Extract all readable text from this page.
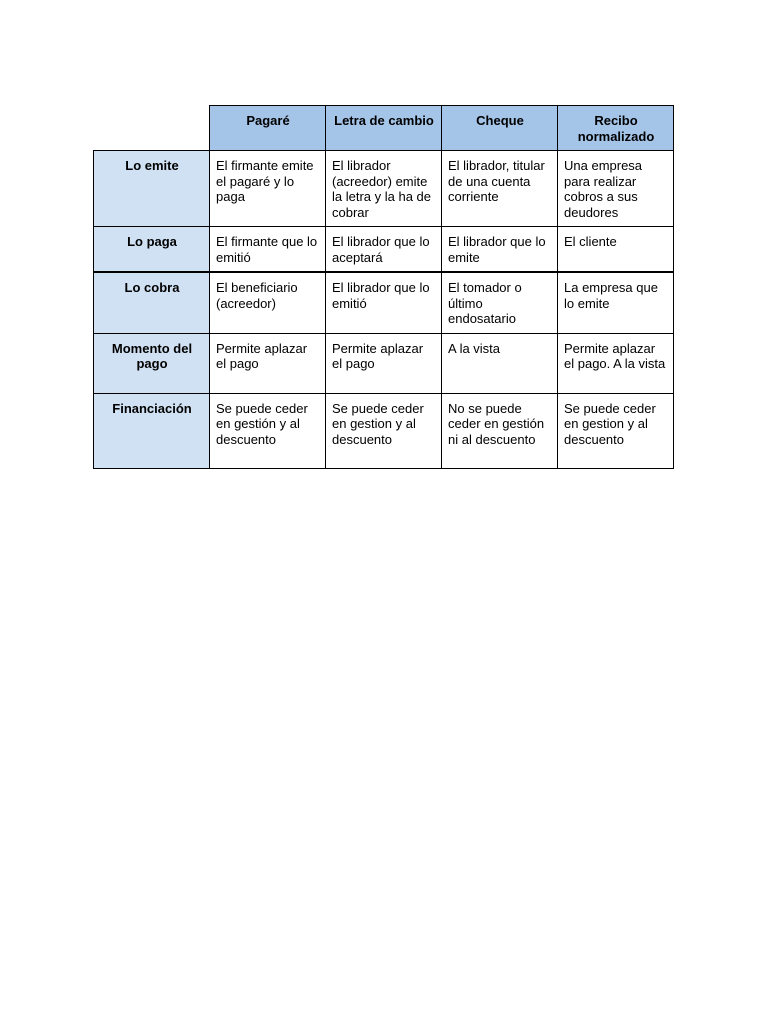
	Pagaré	Letra de cambio	Cheque	Recibo normalizado
Lo emite	El firmante emite el pagaré y lo paga	El librador (acreedor) emite la letra y la ha de cobrar	El librador, titular de una cuenta corriente	Una empresa para realizar cobros a sus deudores
Lo paga	El firmante que lo emitió	El librador que lo aceptará	El librador que lo emite	El cliente
Lo cobra	El beneficiario (acreedor)	El librador que lo emitió	El tomador o último endosatario	La empresa que lo emite
Momento del pago	Permite aplazar el pago	Permite aplazar el pago	A la vista	Permite aplazar el pago. A la vista
Financiación	Se puede ceder en gestión y al descuento	Se puede ceder en gestion y al descuento	No se puede ceder en gestión ni al descuento	Se puede ceder en gestion y al descuento
